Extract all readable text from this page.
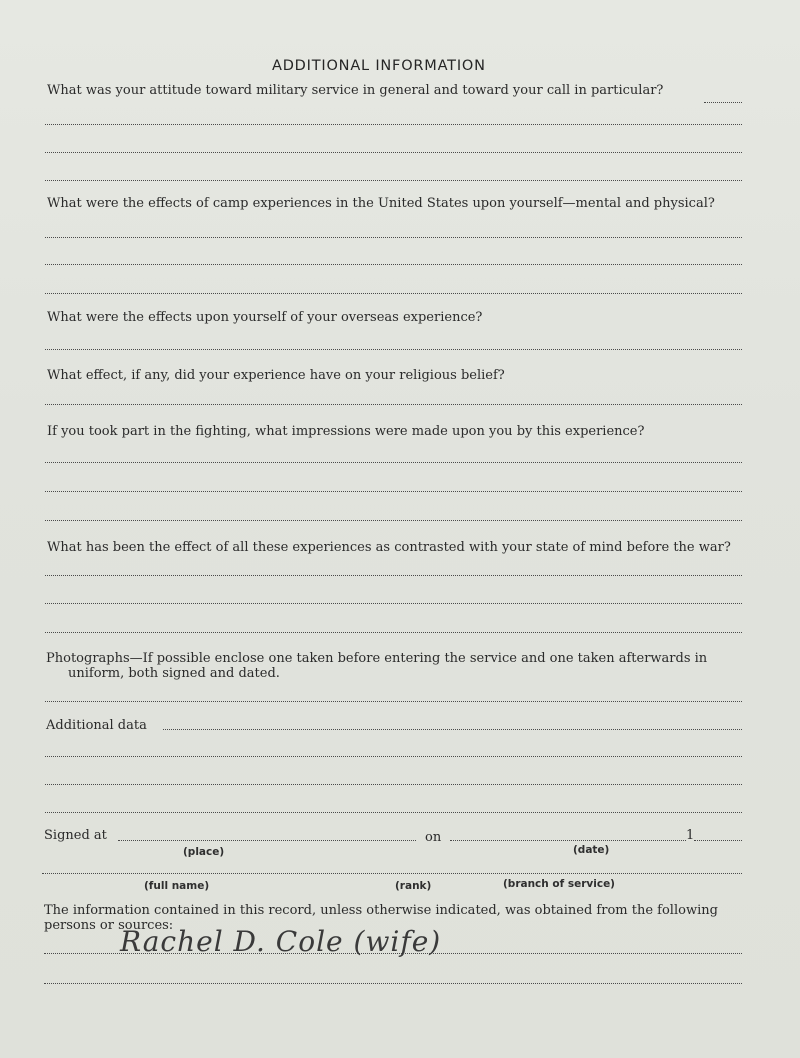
ADDITIONAL INFORMATION
What was your attitude toward military service in general and toward your call in particular?
What were the effects of camp experiences in the United States upon yourself—mental and physical?
What were the effects upon yourself of your overseas experience?
What effect, if any, did your experience have on your religious belief?
If you took part in the fighting, what impressions were made upon you by this experience?
What has been the effect of all these experiences as contrasted with your state of mind before the war?
Photographs—If possible enclose one taken before entering the service and one taken afterwards in
uniform, both signed and dated.
Additional data
Signed at	on	1
(place)	(date)
(full name)	(rank)	(branch of service)
The information contained in this record, unless otherwise indicated, was obtained from the following
persons or sources:
Rachel D. Cole (wife)
